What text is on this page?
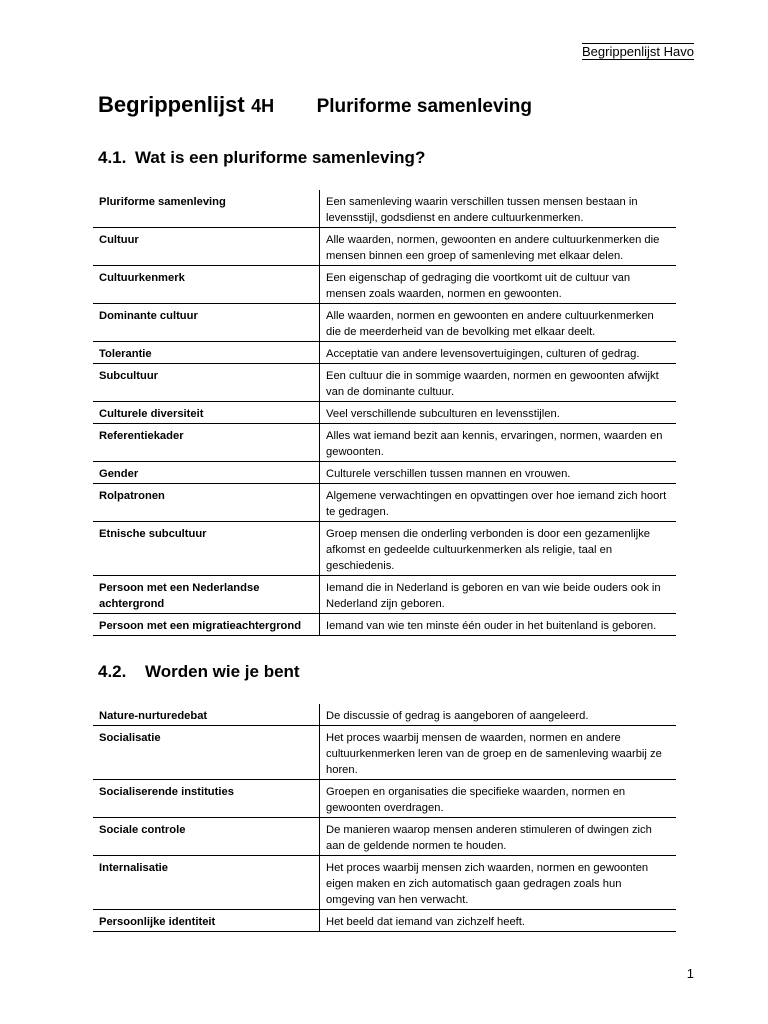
Begrippenlijst Havo
Begrippenlijst 4H Pluriforme samenleving
4.1. Wat is een pluriforme samenleving?
Pluriforme samenleving	Een samenleving waarin verschillen tussen mensen bestaan in levensstijl, godsdienst en andere cultuurkenmerken.
Cultuur	Alle waarden, normen, gewoonten en andere cultuurkenmerken die mensen binnen een groep of samenleving met elkaar delen.
Cultuurkenmerk	Een eigenschap of gedraging die voortkomt uit de cultuur van mensen zoals waarden, normen en gewoonten.
Dominante cultuur	Alle waarden, normen en gewoonten en andere cultuurkenmerken die de meerderheid van de bevolking met elkaar deelt.
Tolerantie	Acceptatie van andere levensovertuigingen, culturen of gedrag.
Subcultuur	Een cultuur die in sommige waarden, normen en gewoonten afwijkt van de dominante cultuur.
Culturele diversiteit	Veel verschillende subculturen en levensstijlen.
Referentiekader	Alles wat iemand bezit aan kennis, ervaringen, normen, waarden en gewoonten.
Gender	Culturele verschillen tussen mannen en vrouwen.
Rolpatronen	Algemene verwachtingen en opvattingen over hoe iemand zich hoort te gedragen.
Etnische subcultuur	Groep mensen die onderling verbonden is door een gezamenlijke afkomst en gedeelde cultuurkenmerken als religie, taal en geschiedenis.
Persoon met een Nederlandse achtergrond	Iemand die in Nederland is geboren en van wie beide ouders ook in Nederland zijn geboren.
Persoon met een migratieachtergrond	Iemand van wie ten minste één ouder in het buitenland is geboren.
4.2. Worden wie je bent
Nature-nurturedebat	De discussie of gedrag is aangeboren of aangeleerd.
Socialisatie	Het proces waarbij mensen de waarden, normen en andere cultuurkenmerken leren van de groep en de samenleving waarbij ze horen.
Socialiserende instituties	Groepen en organisaties die specifieke waarden, normen en gewoonten overdragen.
Sociale controle	De manieren waarop mensen anderen stimuleren of dwingen zich aan de geldende normen te houden.
Internalisatie	Het proces waarbij mensen zich waarden, normen en gewoonten eigen maken en zich automatisch gaan gedragen zoals hun omgeving van hen verwacht.
Persoonlijke identiteit	Het beeld dat iemand van zichzelf heeft.
1
